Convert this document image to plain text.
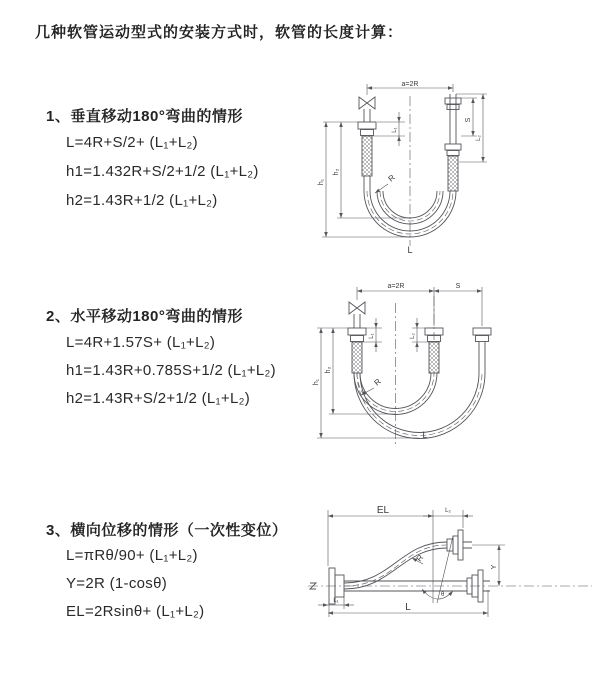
几种软管运动型式的安装方式时，软管的长度计算：
1、垂直移动180°弯曲的情形
L=4R+S/2+ (L₁+L₂)
h1=1.432R+S/2+1/2 (L₁+L₂)
h2=1.43R+1/2 (L₁+L₂)
2、水平移动180°弯曲的情形
L=4R+1.57S+ (L₁+L₂)
h1=1.43R+0.785S+1/2 (L₁+L₂)
h2=1.43R+S/2+1/2 (L₁+L₂)
3、横向位移的情形（一次性变位）
L=πRθ/90+ (L₁+L₂)
Y=2R (1-cosθ)
EL=2Rsinθ+ (L₁+L₂)
a=2R
S
L₂
L₁
h₂
h₁	R
L
a=2R	S
h₂
h₁
L₁	L₂
R
L
EL	L₂
Y
R
θ
L
L₁
